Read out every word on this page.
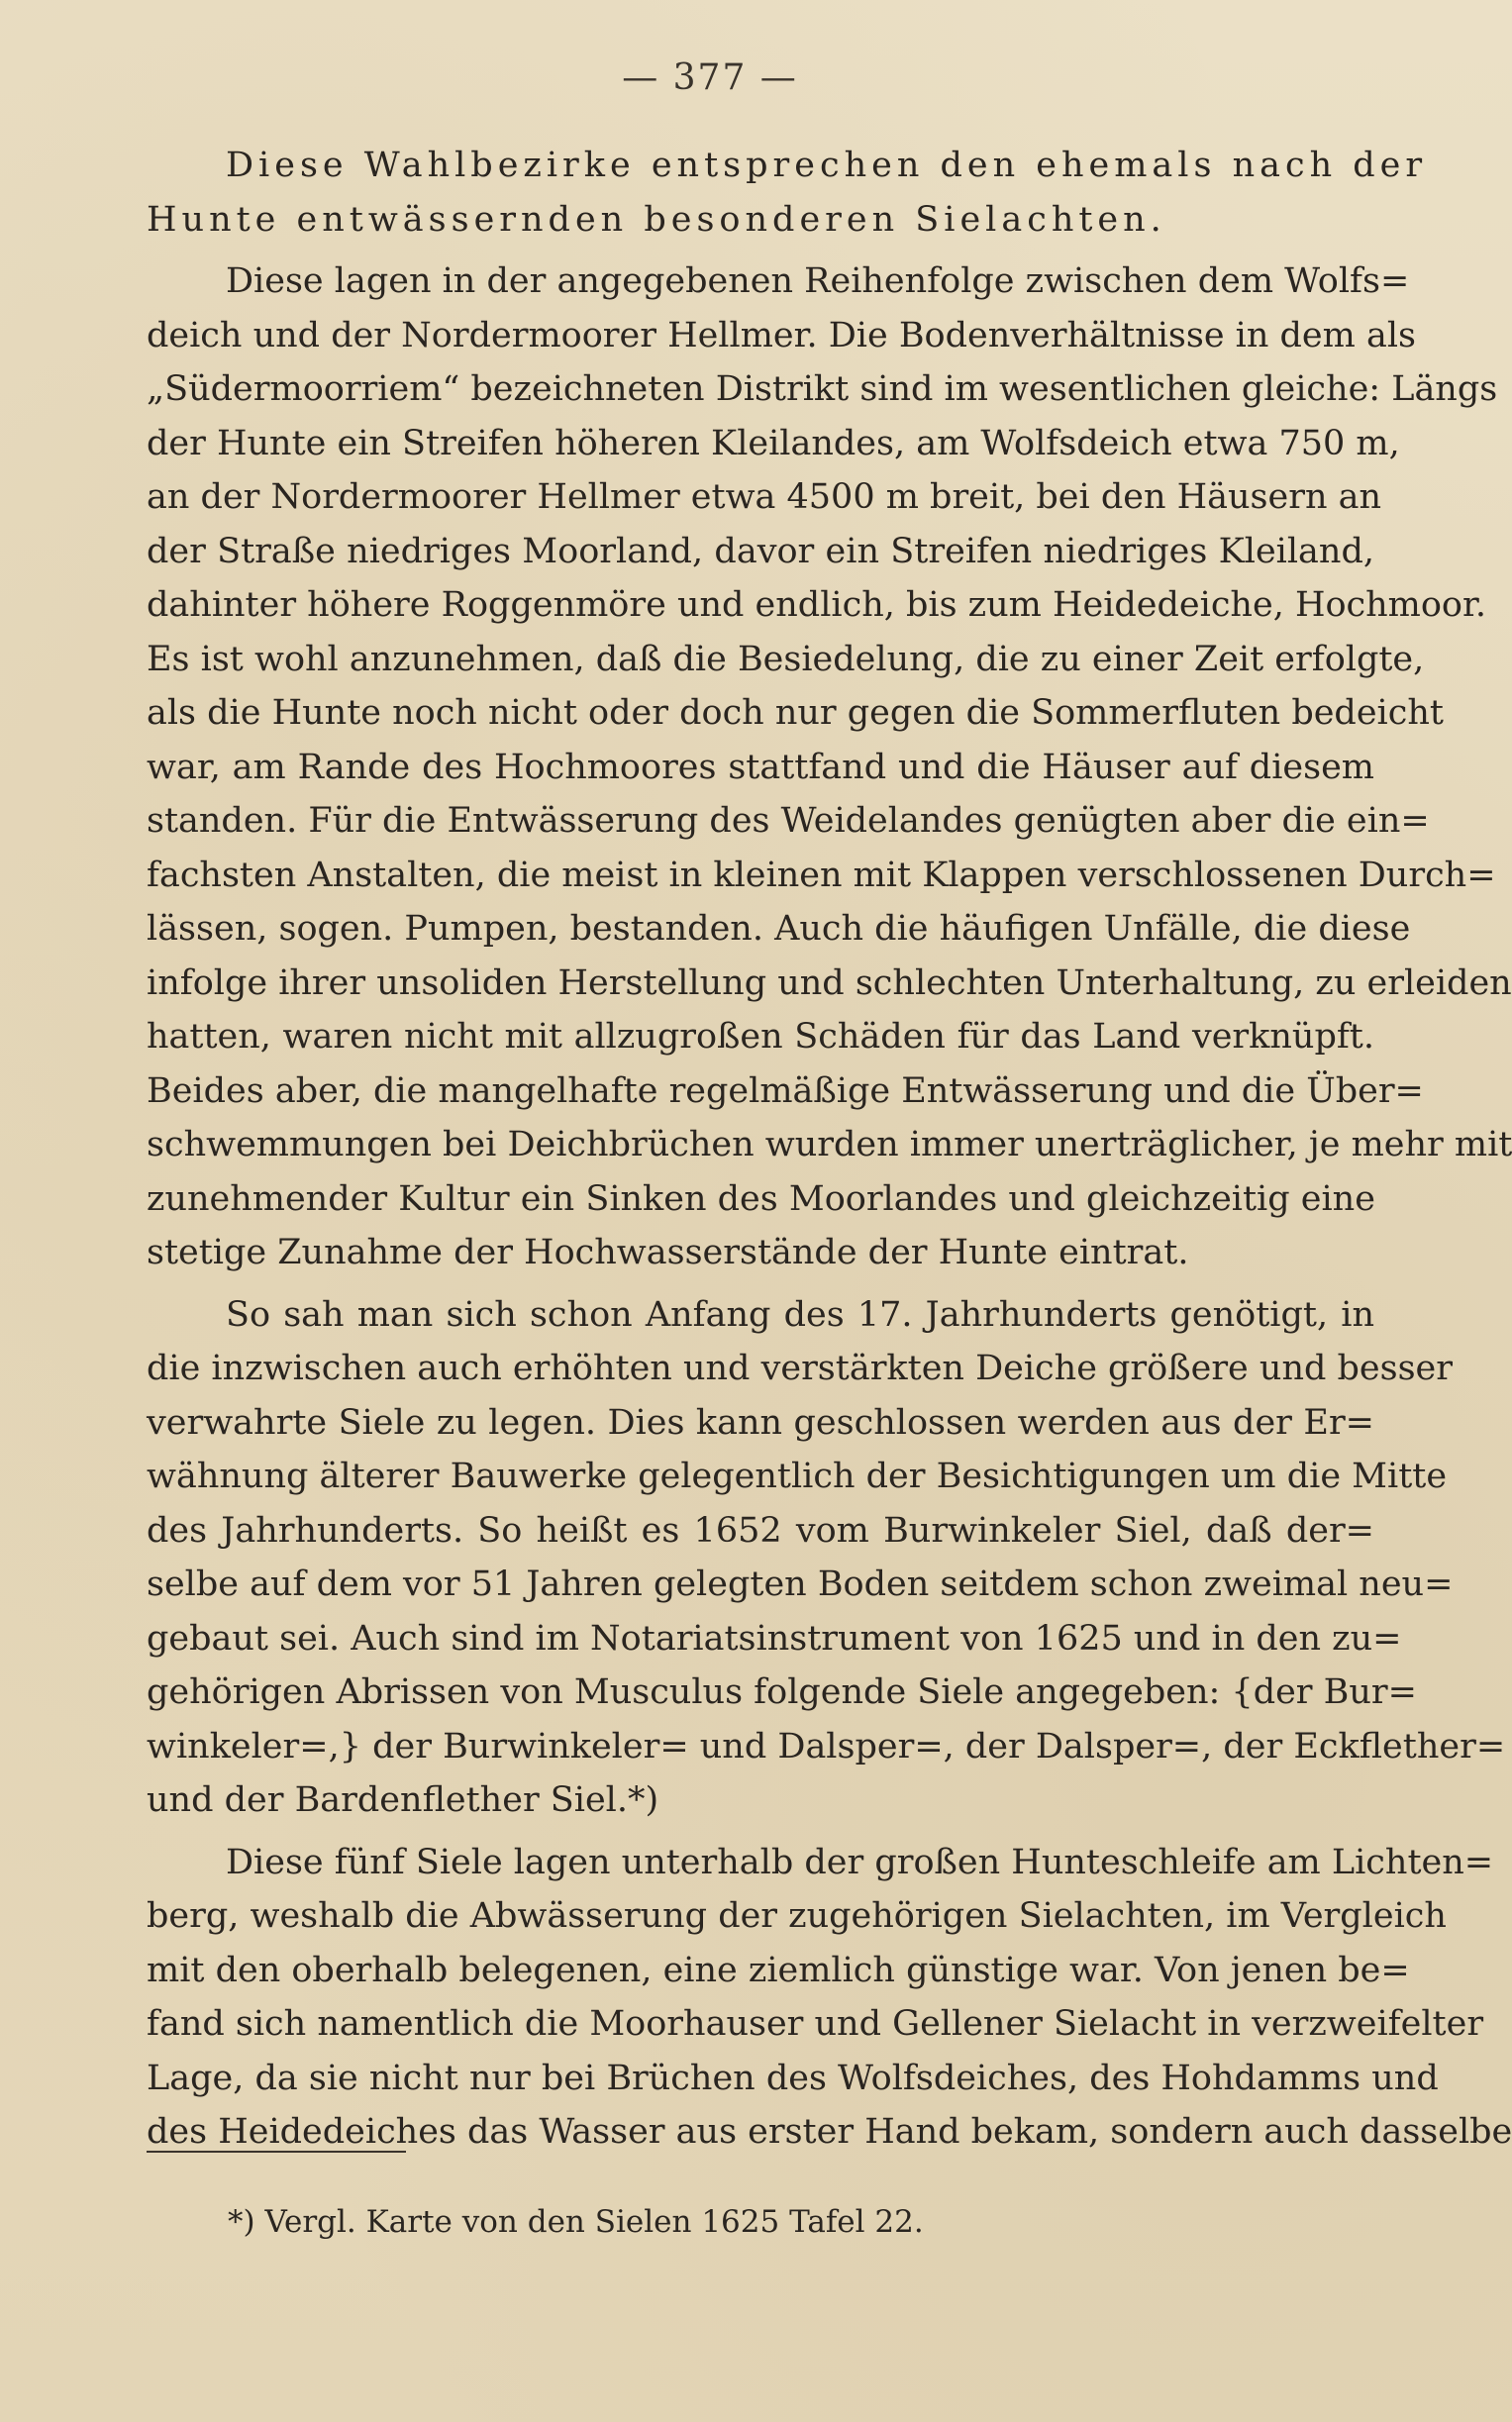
— 377 —
Diese Wahlbezirke entsprechen den ehemals nach der
Hunte entwässernden besonderen Sielachten.
Diese lagen in der angegebenen Reihenfolge zwischen dem Wolfs=
deich und der Nordermoorer Hellmer. Die Bodenverhältnisse in dem als
„Südermoorriem“ bezeichneten Distrikt sind im wesentlichen gleiche: Längs
der Hunte ein Streifen höheren Kleilandes, am Wolfsdeich etwa 750 m,
an der Nordermoorer Hellmer etwa 4500 m breit, bei den Häusern an
der Straße niedriges Moorland, davor ein Streifen niedriges Kleiland,
dahinter höhere Roggenmöre und endlich, bis zum Heidedeiche, Hochmoor.
Es ist wohl anzunehmen, daß die Besiedelung, die zu einer Zeit erfolgte,
als die Hunte noch nicht oder doch nur gegen die Sommerfluten bedeicht
war, am Rande des Hochmoores stattfand und die Häuser auf diesem
standen. Für die Entwässerung des Weidelandes genügten aber die ein=
fachsten Anstalten, die meist in kleinen mit Klappen verschlossenen Durch=
lässen, sogen. Pumpen, bestanden. Auch die häufigen Unfälle, die diese
infolge ihrer unsoliden Herstellung und schlechten Unterhaltung, zu erleiden
hatten, waren nicht mit allzugroßen Schäden für das Land verknüpft.
Beides aber, die mangelhafte regelmäßige Entwässerung und die Über=
schwemmungen bei Deichbrüchen wurden immer unerträglicher, je mehr mit
zunehmender Kultur ein Sinken des Moorlandes und gleichzeitig eine
stetige Zunahme der Hochwasserstände der Hunte eintrat.
So sah man sich schon Anfang des 17. Jahrhunderts genötigt, in
die inzwischen auch erhöhten und verstärkten Deiche größere und besser
verwahrte Siele zu legen. Dies kann geschlossen werden aus der Er=
wähnung älterer Bauwerke gelegentlich der Besichtigungen um die Mitte
des Jahrhunderts. So heißt es 1652 vom Burwinkeler Siel, daß der=
selbe auf dem vor 51 Jahren gelegten Boden seitdem schon zweimal neu=
gebaut sei. Auch sind im Notariatsinstrument von 1625 und in den zu=
gehörigen Abrissen von Musculus folgende Siele angegeben: {der Bur=
winkeler=,} der Burwinkeler= und Dalsper=, der Dalsper=, der Eckflether=
und der Bardenflether Siel.*)
Diese fünf Siele lagen unterhalb der großen Hunteschleife am Lichten=
berg, weshalb die Abwässerung der zugehörigen Sielachten, im Vergleich
mit den oberhalb belegenen, eine ziemlich günstige war. Von jenen be=
fand sich namentlich die Moorhauser und Gellener Sielacht in verzweifelter
Lage, da sie nicht nur bei Brüchen des Wolfsdeiches, des Hohdamms und
des Heidedeiches das Wasser aus erster Hand bekam, sondern auch dasselbe
*) Vergl. Karte von den Sielen 1625 Tafel 22.
